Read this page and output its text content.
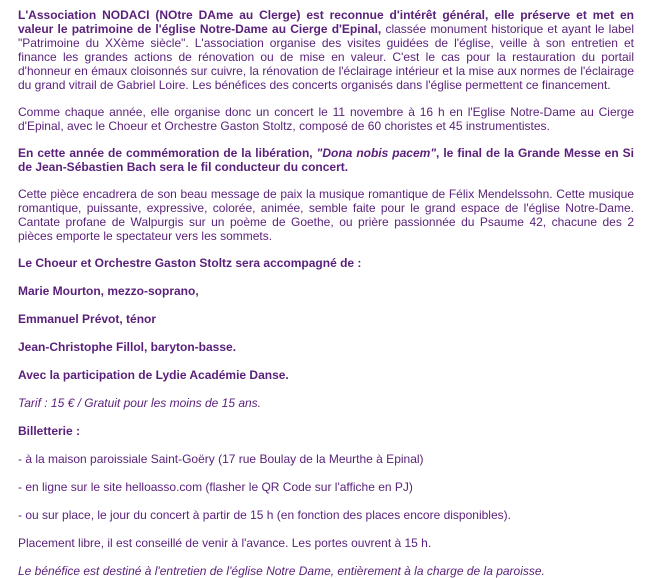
L'Association NODACI (NOtre DAme au Clerge) est reconnue d'intérêt général, elle préserve et met en valeur le patrimoine de l'église Notre-Dame au Cierge d'Epinal, classée monument historique et ayant le label "Patrimoine du XXème siècle". L'association organise des visites guidées de l'église, veille à son entretien et finance les grandes actions de rénovation ou de mise en valeur. C'est le cas pour la restauration du portail d'honneur en émaux cloisonnés sur cuivre, la rénovation de l'éclairage intérieur et la mise aux normes de l'éclairage du grand vitrail de Gabriel Loire. Les bénéfices des concerts organisés dans l'église permettent ce financement.

Comme chaque année, elle organise donc un concert le 11 novembre à 16 h en l'Eglise Notre-Dame au Cierge d'Epinal, avec le Choeur et Orchestre Gaston Stoltz, composé de 60 choristes et 45 instrumentistes.

En cette année de commémoration de la libération, "Dona nobis pacem", le final de la Grande Messe en Si de Jean-Sébastien Bach sera le fil conducteur du concert.

Cette pièce encadrera de son beau message de paix la musique romantique de Félix Mendelssohn. Cette musique romantique, puissante, expressive, colorée, animée, semble faite pour le grand espace de l'église Notre-Dame. Cantate profane de Walpurgis sur un poème de Goethe, ou prière passionnée du Psaume 42, chacune des 2 pièces emporte le spectateur vers les sommets.

Le Choeur et Orchestre Gaston Stoltz sera accompagné de :

Marie Mourton, mezzo-soprano,

Emmanuel Prévot, ténor

Jean-Christophe Fillol, baryton-basse.

Avec la participation de Lydie Académie Danse.

Tarif : 15 € / Gratuit pour les moins de 15 ans.

Billetterie :

- à la maison paroissiale Saint-Goëry (17 rue Boulay de la Meurthe à Epinal)

- en ligne sur le site helloasso.com (flasher le QR Code sur l'affiche en PJ)

- ou sur place, le jour du concert à partir de 15 h (en fonction des places encore disponibles).

Placement libre, il est conseillé de venir à l'avance. Les portes ouvrent à 15 h.

Le bénéfice est destiné à l'entretien de l'église Notre Dame, entièrement à la charge de la paroisse.
